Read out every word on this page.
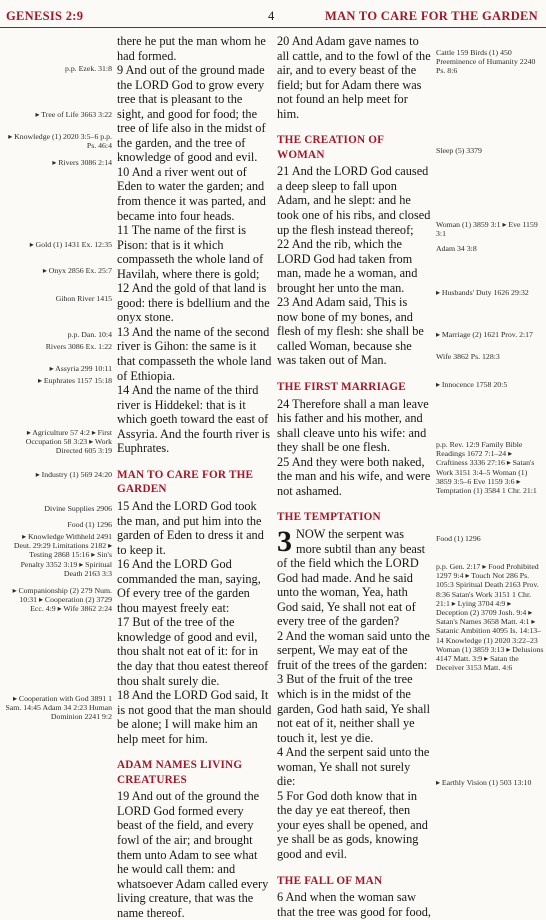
GENESIS 2:9	4	MAN TO CARE FOR THE GARDEN
p.p. Ezek. 31:8
▸ Tree of Life 3663 3:22
▸ Knowledge (1) 2020 3:5–6 p.p. Ps. 46:4
▸ Rivers 3086 2:14
▸ Gold (1) 1431 Ex. 12:35
▸ Onyx 2856 Ex. 25:7
Gihon River 1415
p.p. Dan. 10:4
Rivers 3086 Ex. 1:22
▸ Assyria 299 10:11
▸ Euphrates 1157 15:18
▸ Agriculture 57 4:2 ▸ First Occupation 58 3:23 ▸ Work Directed 605 3:19
▸ Industry (1) 569 24:20
Divine Supplies 2906
Food (1) 1296
▸ Knowledge Withheld 2491 Deut. 29:29 Limitations 2182 ▸ Testing 2868 15:16 ▸ Sin's Penalty 3352 3:19 ▸ Spiritual Death 2163 3:3
▸ Companionship (2) 279 Num. 10:31 ▸ Cooperation (2) 3729 Ecc. 4:9 ▸ Wife 3862 2:24
▸ Cooperation with God 3891 1 Sam. 14:45 Adam 34 2:23 Human Dominion 2241 9:2

there he put the man whom he had formed.

9 And out of the ground made the LORD God to grow every tree that is pleasant to the sight, and good for food; the tree of life also in the midst of the garden, and the tree of knowledge of good and evil.

10 And a river went out of Eden to water the garden; and from thence it was parted, and became into four heads.

11 The name of the first is Pison: that is it which compasseth the whole land of Havilah, where there is gold;

12 And the gold of that land is good: there is bdellium and the onyx stone.

13 And the name of the second river is Gihon: the same is it that compasseth the whole land of Ethiopia.

14 And the name of the third river is Hiddekel: that is it which goeth toward the east of Assyria. And the fourth river is Euphrates.

MAN TO CARE FOR THE GARDEN

15 And the LORD God took the man, and put him into the garden of Eden to dress it and to keep it.

16 And the LORD God commanded the man, saying, Of every tree of the garden thou mayest freely eat:

17 But of the tree of the knowledge of good and evil, thou shalt not eat of it: for in the day that thou eatest thereof thou shalt surely die.

18 And the LORD God said, It is not good that the man should be alone; I will make him an help meet for him.

ADAM NAMES LIVING CREATURES

19 And out of the ground the LORD God formed every beast of the field, and every fowl of the air; and brought them unto Adam to see what he would call them: and whatsoever Adam called every living creature, that was the name thereof.

20 And Adam gave names to all cattle, and to the fowl of the air, and to every beast of the field; but for Adam there was not found an help meet for him.

THE CREATION OF WOMAN

21 And the LORD God caused a deep sleep to fall upon Adam, and he slept: and he took one of his ribs, and closed up the flesh instead thereof;

22 And the rib, which the LORD God had taken from man, made he a woman, and brought her unto the man.

23 And Adam said, This is now bone of my bones, and flesh of my flesh: she shall be called Woman, because she was taken out of Man.

THE FIRST MARRIAGE

24 Therefore shall a man leave his father and his mother, and shall cleave unto his wife: and they shall be one flesh.

25 And they were both naked, the man and his wife, and were not ashamed.

THE TEMPTATION

3 NOW the serpent was more subtil than any beast of the field which the LORD God had made. And he said unto the woman, Yea, hath God said, Ye shall not eat of every tree of the garden?

2 And the woman said unto the serpent, We may eat of the fruit of the trees of the garden:

3 But of the fruit of the tree which is in the midst of the garden, God hath said, Ye shall not eat of it, neither shall ye touch it, lest ye die.

4 And the serpent said unto the woman, Ye shall not surely die:

5 For God doth know that in the day ye eat thereof, then your eyes shall be opened, and ye shall be as gods, knowing good and evil.

THE FALL OF MAN

6 And when the woman saw that the tree was good for food,

Cattle 159 Birds (1) 450 Preeminence of Humanity 2240 Ps. 8:6
Sleep (5) 3379
Woman (1) 3859 3:1 ▸ Eve 1159 3:1
Adam 34 3:8
▸ Husbands' Duty 1626 29:32
▸ Marriage (2) 1621 Prov. 2:17
Wife 3862 Ps. 128:3
▸ Innocence 1758 20:5
p.p. Rev. 12:9 Family Bible Readings 1672 7:1–24 ▸ Craftiness 3336 27:16 ▸ Satan's Work 3151 3:4–5 Woman (1) 3859 3:5–6 Eve 1159 3:6 ▸ Temptation (1) 3584 1 Chr. 21:1
Food (1) 1296
p.p. Gen. 2:17 ▸ Food Prohibited 1297 9:4 ▸ Touch Not 286 Ps. 105:3 Spiritual Death 2163 Prov. 8:36 Satan's Work 3151 1 Chr. 21:1 ▸ Lying 3704 4:9 ▸ Deception (2) 3709 Josh. 9:4 ▸ Satan's Names 3658 Matt. 4:1 ▸ Satanic Ambition 4095 Is. 14:13–14 Knowledge (1) 2020 3:22–23 Woman (1) 3859 3:13 ▸ Delusions 4147 Matt. 3:9 ▸ Satan the Deceiver 3153 Matt. 4:6
▸ Earthly Vision (1) 503 13:10
